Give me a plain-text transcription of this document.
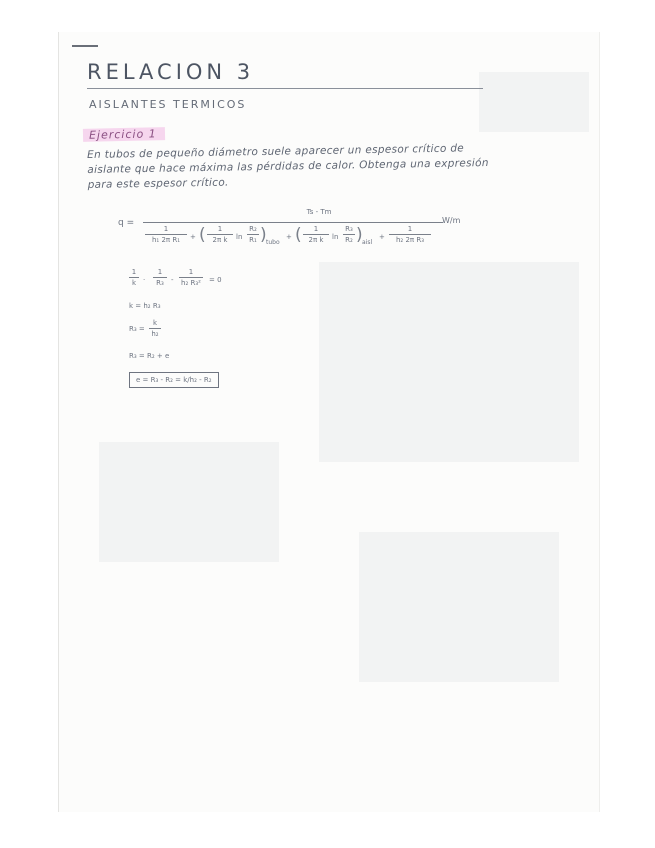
RELACION 3
AISLANTES TERMICOS
Ejercicio 1
En tubos de pequeño diámetro suele aparecer un espesor crítico de aislante que hace máxima las pérdidas de calor. Obtenga una expresión para este espesor crítico.
q =
Ts - Tm
W/m
1
h₁ 2π R₁	+ (	1
2π k	ln
R₂
R₁ ) tubo
+ (	1
2π k	ln
R₃
R₂ ) aisl
+
1
h₂ 2π R₃
1
k ·
1
R₃	-
1
h₂ R₃² = 0
k = h₂ R₃
R₃ =
k
h₂
R₃ = R₂ + e
e = R₃ - R₂ = k/h₂ - R₂
